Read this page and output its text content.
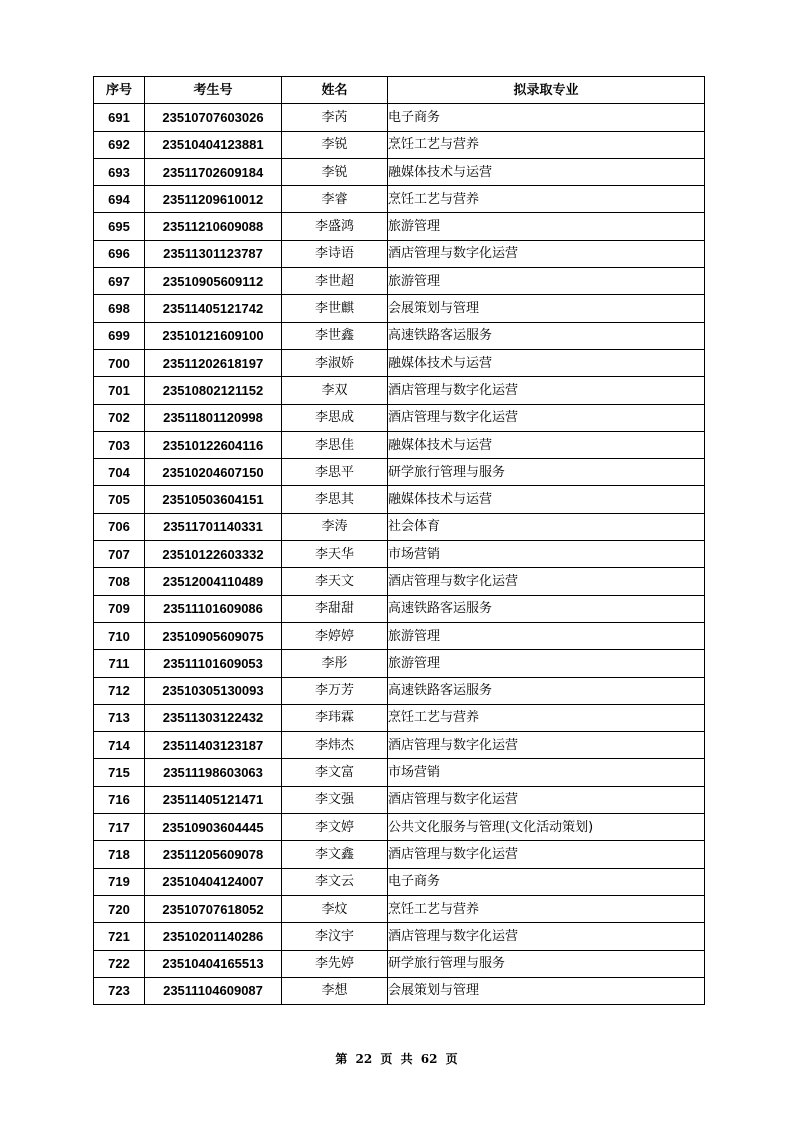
序号	考生号	姓名	拟录取专业
691	23510707603026	李芮	电子商务
692	23510404123881	李锐	烹饪工艺与营养
693	23511702609184	李锐	融媒体技术与运营
694	23511209610012	李睿	烹饪工艺与营养
695	23511210609088	李盛鸿	旅游管理
696	23511301123787	李诗语	酒店管理与数字化运营
697	23510905609112	李世超	旅游管理
698	23511405121742	李世麒	会展策划与管理
699	23510121609100	李世鑫	高速铁路客运服务
700	23511202618197	李淑娇	融媒体技术与运营
701	23510802121152	李双	酒店管理与数字化运营
702	23511801120998	李思成	酒店管理与数字化运营
703	23510122604116	李思佳	融媒体技术与运营
704	23510204607150	李思平	研学旅行管理与服务
705	23510503604151	李思其	融媒体技术与运营
706	23511701140331	李涛	社会体育
707	23510122603332	李天华	市场营销
708	23512004110489	李天文	酒店管理与数字化运营
709	23511101609086	李甜甜	高速铁路客运服务
710	23510905609075	李婷婷	旅游管理
711	23511101609053	李彤	旅游管理
712	23510305130093	李万芳	高速铁路客运服务
713	23511303122432	李玮霖	烹饪工艺与营养
714	23511403123187	李炜杰	酒店管理与数字化运营
715	23511198603063	李文富	市场营销
716	23511405121471	李文强	酒店管理与数字化运营
717	23510903604445	李文婷	公共文化服务与管理(文化活动策划)
718	23511205609078	李文鑫	酒店管理与数字化运营
719	23510404124007	李文云	电子商务
720	23510707618052	李炆	烹饪工艺与营养
721	23510201140286	李汶宇	酒店管理与数字化运营
722	23510404165513	李先婷	研学旅行管理与服务
723	23511104609087	李想	会展策划与管理
第 22 页 共 62 页
